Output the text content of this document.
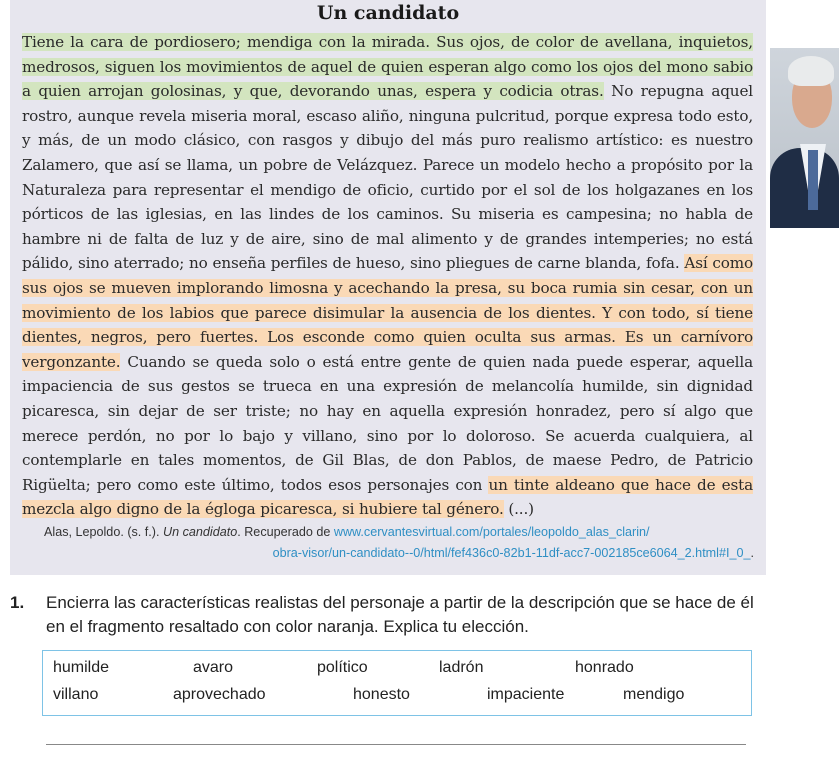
Un candidato
Tiene la cara de pordiosero; mendiga con la mirada. Sus ojos, de color de avellana, inquietos, medrosos, siguen los movimientos de aquel de quien esperan algo como los ojos del mono sabio a quien arrojan golosinas, y que, devorando unas, espera y codicia otras. No repugna aquel rostro, aunque revela miseria moral, escaso aliño, ninguna pulcritud, porque expresa todo esto, y más, de un modo clásico, con rasgos y dibujo del más puro realismo artístico: es nuestro Zalamero, que así se llama, un pobre de Velázquez. Parece un modelo hecho a propósito por la Naturaleza para representar el mendigo de oficio, curtido por el sol de los holgazanes en los pórticos de las iglesias, en las lindes de los caminos. Su miseria es campesina; no habla de hambre ni de falta de luz y de aire, sino de mal alimento y de grandes intemperies; no está pálido, sino aterrado; no enseña perfiles de hueso, sino pliegues de carne blanda, fofa. Así como sus ojos se mueven implorando limosna y acechando la presa, su boca rumia sin cesar, con un movimiento de los labios que parece disimular la ausencia de los dientes. Y con todo, sí tiene dientes, negros, pero fuertes. Los esconde como quien oculta sus armas. Es un carnívoro vergonzante. Cuando se queda solo o está entre gente de quien nada puede esperar, aquella impaciencia de sus gestos se trueca en una expresión de melancolía humilde, sin dignidad picaresca, sin dejar de ser triste; no hay en aquella expresión honradez, pero sí algo que merece perdón, no por lo bajo y villano, sino por lo doloroso. Se acuerda cualquiera, al contemplarle en tales momentos, de Gil Blas, de don Pablos, de maese Pedro, de Patricio Rigüelta; pero como este último, todos esos personajes con un tinte aldeano que hace de esta mezcla algo digno de la égloga picaresca, si hubiere tal género. (...)
Alas, Lepoldo. (s. f.). Un candidato. Recuperado de www.cervantesvirtual.com/portales/leopoldo_alas_clarin/
obra-visor/un-candidato--0/html/fef436c0-82b1-11df-acc7-002185ce6064_2.html#I_0_.
1. Encierra las características realistas del personaje a partir de la descripción que se hace de él en el fragmento resaltado con color naranja. Explica tu elección.
humilde	avaro	político	ladrón	honrado
villano	aprovechado	honesto	impaciente	mendigo
